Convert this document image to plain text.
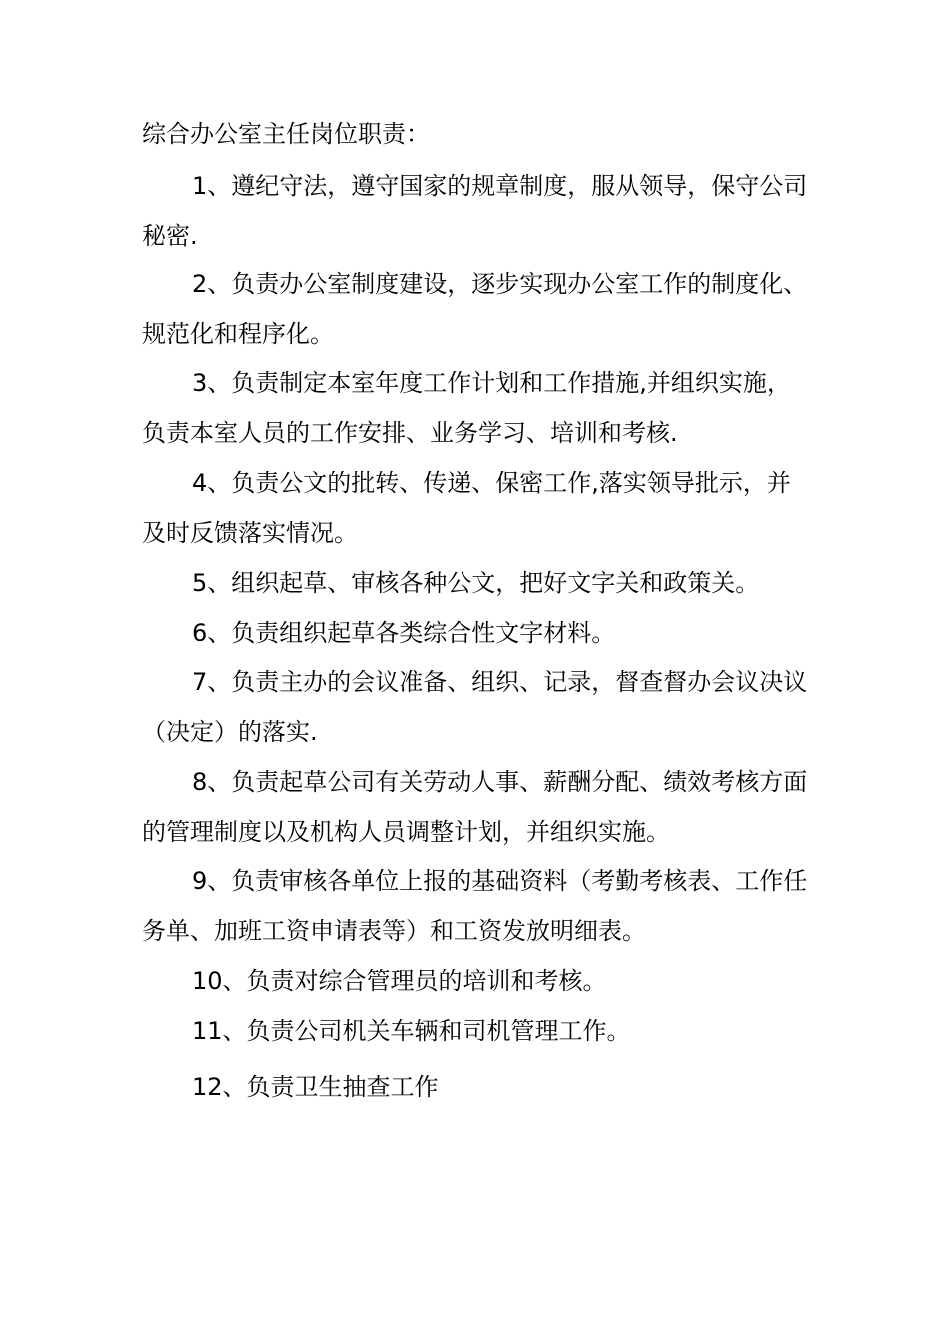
综合办公室主任岗位职责：

1、遵纪守法，遵守国家的规章制度，服从领导，保守公司秘密.

2、负责办公室制度建设，逐步实现办公室工作的制度化、规范化和程序化。

3、负责制定本室年度工作计划和工作措施,并组织实施，负责本室人员的工作安排、业务学习、培训和考核.

4、负责公文的批转、传递、保密工作,落实领导批示，并及时反馈落实情况。

5、组织起草、审核各种公文，把好文字关和政策关。

6、负责组织起草各类综合性文字材料。

7、负责主办的会议准备、组织、记录，督查督办会议决议（决定）的落实.

8、负责起草公司有关劳动人事、薪酬分配、绩效考核方面的管理制度以及机构人员调整计划，并组织实施。

9、负责审核各单位上报的基础资料（考勤考核表、工作任务单、加班工资申请表等）和工资发放明细表。

10、负责对综合管理员的培训和考核。

11、负责公司机关车辆和司机管理工作。

12、负责卫生抽查工作
